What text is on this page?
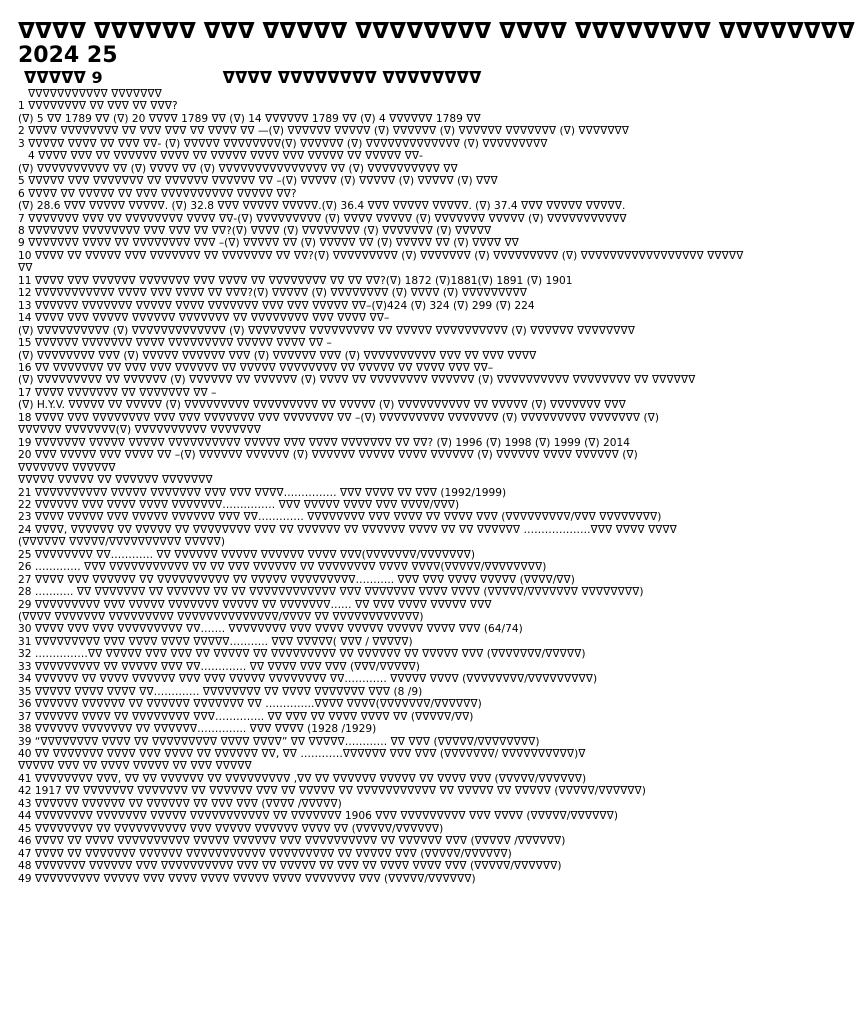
ᐁᐁᐁᐁ ᐁᐁᐁᐁᐁᐁ ᐁᐁᐁ ᐁᐁᐁᐁᐁ ᐁᐁᐁᐁᐁᐁᐁᐁ ᐁᐁᐁᐁ ᐁᐁᐁᐁᐁᐁᐁᐁ ᐁᐁᐁᐁᐁᐁᐁᐁ
2024 25
ᐁᐁᐁᐁᐁ 9	ᐁᐁᐁᐁ ᐁᐁᐁᐁᐁᐁᐁᐁ ᐁᐁᐁᐁᐁᐁᐁᐁ
ᐁᐁᐁᐁᐁᐁᐁᐁᐁᐁᐁ ᐁᐁᐁᐁᐁᐁᐁ
1 ᐁᐁᐁᐁᐁᐁᐁᐁ ᐁᐁ ᐁᐁᐁ ᐁᐁ ᐁᐁᐁ?
(ᐁ) 5 ᐁᐁ 1789 ᐁᐁ (ᐁ) 20 ᐁᐁᐁᐁ 1789 ᐁᐁ (ᐁ) 14 ᐁᐁᐁᐁᐁᐁ 1789 ᐁᐁ (ᐁ) 4 ᐁᐁᐁᐁᐁᐁ 1789 ᐁᐁ
2 ᐁᐁᐁᐁ ᐁᐁᐁᐁᐁᐁᐁᐁ ᐁᐁ ᐁᐁᐁ ᐁᐁᐁ ᐁᐁ ᐁᐁᐁᐁ ᐁᐁ —(ᐁ) ᐁᐁᐁᐁᐁᐁ ᐁᐁᐁᐁᐁ (ᐁ) ᐁᐁᐁᐁᐁᐁ (ᐁ) ᐁᐁᐁᐁᐁᐁ ᐁᐁᐁᐁᐁᐁᐁ (ᐁ) ᐁᐁᐁᐁᐁᐁᐁ
3 ᐁᐁᐁᐁᐁ ᐁᐁᐁᐁ ᐁᐁ ᐁᐁᐁ ᐁᐁ- (ᐁ) ᐁᐁᐁᐁᐁ ᐁᐁᐁᐁᐁᐁᐁᐁ(ᐁ) ᐁᐁᐁᐁᐁᐁ (ᐁ) ᐁᐁᐁᐁᐁᐁᐁᐁᐁᐁᐁᐁᐁ (ᐁ) ᐁᐁᐁᐁᐁᐁᐁᐁᐁ
4 ᐁᐁᐁᐁ ᐁᐁᐁ ᐁᐁ ᐁᐁᐁᐁᐁᐁ ᐁᐁᐁᐁ ᐁᐁ ᐁᐁᐁᐁᐁ ᐁᐁᐁᐁ ᐁᐁᐁ ᐁᐁᐁᐁᐁ ᐁᐁ ᐁᐁᐁᐁᐁ ᐁᐁ-
(ᐁ) ᐁᐁᐁᐁᐁᐁᐁᐁᐁᐁ ᐁᐁ (ᐁ) ᐁᐁᐁᐁ ᐁᐁ (ᐁ) ᐁᐁᐁᐁᐁᐁᐁᐁᐁᐁᐁᐁᐁᐁᐁ ᐁᐁ (ᐁ) ᐁᐁᐁᐁᐁᐁᐁᐁᐁᐁ ᐁᐁ
5 ᐁᐁᐁᐁᐁ ᐁᐁᐁ ᐁᐁᐁᐁᐁᐁᐁ ᐁᐁ ᐁᐁᐁᐁᐁᐁ ᐁᐁᐁᐁᐁᐁ ᐁᐁ –(ᐁ) ᐁᐁᐁᐁᐁ (ᐁ) ᐁᐁᐁᐁᐁ (ᐁ) ᐁᐁᐁᐁᐁ (ᐁ) ᐁᐁᐁ
6 ᐁᐁᐁᐁ ᐁᐁ ᐁᐁᐁᐁᐁ ᐁᐁ ᐁᐁᐁ ᐁᐁᐁᐁᐁᐁᐁᐁᐁᐁ ᐁᐁᐁᐁᐁ ᐁᐁ?
(ᐁ) 28.6 ᐁᐁᐁ ᐁᐁᐁᐁᐁ ᐁᐁᐁᐁᐁ. (ᐁ) 32.8 ᐁᐁᐁ ᐁᐁᐁᐁᐁ ᐁᐁᐁᐁᐁ.(ᐁ) 36.4 ᐁᐁᐁ ᐁᐁᐁᐁᐁ ᐁᐁᐁᐁᐁ. (ᐁ) 37.4 ᐁᐁᐁ ᐁᐁᐁᐁᐁ ᐁᐁᐁᐁᐁ.
7 ᐁᐁᐁᐁᐁᐁᐁ ᐁᐁᐁ ᐁᐁ ᐁᐁᐁᐁᐁᐁᐁᐁ ᐁᐁᐁᐁ ᐁᐁ-(ᐁ) ᐁᐁᐁᐁᐁᐁᐁᐁᐁ (ᐁ) ᐁᐁᐁᐁ ᐁᐁᐁᐁᐁ (ᐁ) ᐁᐁᐁᐁᐁᐁᐁ ᐁᐁᐁᐁᐁ (ᐁ) ᐁᐁᐁᐁᐁᐁᐁᐁᐁᐁᐁ
8 ᐁᐁᐁᐁᐁᐁᐁ ᐁᐁᐁᐁᐁᐁᐁᐁ ᐁᐁᐁ ᐁᐁᐁ ᐁᐁ ᐁᐁ?(ᐁ) ᐁᐁᐁᐁ (ᐁ) ᐁᐁᐁᐁᐁᐁᐁᐁ (ᐁ) ᐁᐁᐁᐁᐁᐁᐁ (ᐁ) ᐁᐁᐁᐁᐁ
9 ᐁᐁᐁᐁᐁᐁᐁ ᐁᐁᐁᐁ ᐁᐁ ᐁᐁᐁᐁᐁᐁᐁᐁ ᐁᐁᐁ –(ᐁ) ᐁᐁᐁᐁᐁ ᐁᐁ (ᐁ) ᐁᐁᐁᐁᐁ ᐁᐁ (ᐁ) ᐁᐁᐁᐁᐁ ᐁᐁ (ᐁ) ᐁᐁᐁᐁ ᐁᐁ
10 ᐁᐁᐁᐁ ᐁᐁ ᐁᐁᐁᐁᐁ ᐁᐁᐁ ᐁᐁᐁᐁᐁᐁᐁ ᐁᐁ ᐁᐁᐁᐁᐁᐁᐁ ᐁᐁ ᐁᐁ?(ᐁ) ᐁᐁᐁᐁᐁᐁᐁᐁᐁ (ᐁ) ᐁᐁᐁᐁᐁᐁᐁ (ᐁ) ᐁᐁᐁᐁᐁᐁᐁᐁᐁ (ᐁ) ᐁᐁᐁᐁᐁᐁᐁᐁᐁᐁᐁᐁᐁᐁᐁᐁᐁ ᐁᐁᐁᐁᐁ
ᐁᐁ
11 ᐁᐁᐁᐁ ᐁᐁᐁ ᐁᐁᐁᐁᐁᐁ ᐁᐁᐁᐁᐁᐁᐁ ᐁᐁᐁ ᐁᐁᐁᐁ ᐁᐁ ᐁᐁᐁᐁᐁᐁᐁᐁ ᐁᐁ ᐁᐁ ᐁᐁ?(ᐁ) 1872 (ᐁ)1881(ᐁ) 1891 (ᐁ) 1901
12 ᐁᐁᐁᐁᐁᐁᐁᐁᐁᐁᐁ ᐁᐁᐁᐁ ᐁᐁᐁ ᐁᐁᐁᐁ ᐁᐁ ᐁᐁᐁ?(ᐁ) ᐁᐁᐁᐁᐁ (ᐁ) ᐁᐁᐁᐁᐁᐁᐁᐁ (ᐁ) ᐁᐁᐁᐁ (ᐁ) ᐁᐁᐁᐁᐁᐁᐁᐁᐁ
13 ᐁᐁᐁᐁᐁᐁ ᐁᐁᐁᐁᐁᐁᐁ ᐁᐁᐁᐁᐁ ᐁᐁᐁᐁ ᐁᐁᐁᐁᐁᐁᐁ ᐁᐁᐁ ᐁᐁᐁ ᐁᐁᐁᐁᐁ ᐁᐁ–(ᐁ)424 (ᐁ) 324 (ᐁ) 299 (ᐁ) 224
14 ᐁᐁᐁᐁ ᐁᐁᐁ ᐁᐁᐁᐁᐁ ᐁᐁᐁᐁᐁᐁ ᐁᐁᐁᐁᐁᐁᐁ ᐁᐁ ᐁᐁᐁᐁᐁᐁᐁᐁ ᐁᐁᐁ ᐁᐁᐁᐁ ᐁᐁ–
(ᐁ) ᐁᐁᐁᐁᐁᐁᐁᐁᐁᐁ (ᐁ) ᐁᐁᐁᐁᐁᐁᐁᐁᐁᐁᐁᐁᐁ (ᐁ) ᐁᐁᐁᐁᐁᐁᐁᐁ ᐁᐁᐁᐁᐁᐁᐁᐁᐁ ᐁᐁ ᐁᐁᐁᐁᐁ ᐁᐁᐁᐁᐁᐁᐁᐁᐁᐁ (ᐁ) ᐁᐁᐁᐁᐁᐁ ᐁᐁᐁᐁᐁᐁᐁᐁ
15 ᐁᐁᐁᐁᐁᐁ ᐁᐁᐁᐁᐁᐁᐁ ᐁᐁᐁᐁ ᐁᐁᐁᐁᐁᐁᐁᐁᐁ ᐁᐁᐁᐁᐁ ᐁᐁᐁᐁ ᐁᐁ –
(ᐁ) ᐁᐁᐁᐁᐁᐁᐁᐁ ᐁᐁᐁ (ᐁ) ᐁᐁᐁᐁᐁ ᐁᐁᐁᐁᐁᐁ ᐁᐁᐁ (ᐁ) ᐁᐁᐁᐁᐁᐁ ᐁᐁᐁ (ᐁ) ᐁᐁᐁᐁᐁᐁᐁᐁᐁᐁ ᐁᐁᐁ ᐁᐁ ᐁᐁᐁ ᐁᐁᐁᐁ
16 ᐁᐁ ᐁᐁᐁᐁᐁᐁᐁ ᐁᐁ ᐁᐁᐁ ᐁᐁᐁ ᐁᐁᐁᐁᐁᐁ ᐁᐁ ᐁᐁᐁᐁᐁ ᐁᐁᐁᐁᐁᐁᐁᐁ ᐁᐁ ᐁᐁᐁᐁᐁ ᐁᐁ ᐁᐁᐁᐁ ᐁᐁᐁ ᐁᐁ–
(ᐁ) ᐁᐁᐁᐁᐁᐁᐁᐁᐁ ᐁᐁ ᐁᐁᐁᐁᐁᐁ (ᐁ) ᐁᐁᐁᐁᐁᐁ ᐁᐁ ᐁᐁᐁᐁᐁᐁ (ᐁ) ᐁᐁᐁᐁ ᐁᐁ ᐁᐁᐁᐁᐁᐁᐁᐁ ᐁᐁᐁᐁᐁᐁ (ᐁ) ᐁᐁᐁᐁᐁᐁᐁᐁᐁᐁ ᐁᐁᐁᐁᐁᐁᐁᐁ ᐁᐁ ᐁᐁᐁᐁᐁᐁ
17 ᐁᐁᐁᐁ ᐁᐁᐁᐁᐁᐁᐁ ᐁᐁ ᐁᐁᐁᐁᐁᐁᐁ ᐁᐁ –
(ᐁ) H.Y.V. ᐁᐁᐁᐁᐁ ᐁᐁ ᐁᐁᐁᐁᐁ (ᐁ) ᐁᐁᐁᐁᐁᐁᐁᐁᐁ ᐁᐁᐁᐁᐁᐁᐁᐁᐁ ᐁᐁ ᐁᐁᐁᐁᐁ (ᐁ) ᐁᐁᐁᐁᐁᐁᐁᐁᐁᐁ ᐁᐁ ᐁᐁᐁᐁᐁ (ᐁ) ᐁᐁᐁᐁᐁᐁᐁ ᐁᐁᐁ
18 ᐁᐁᐁᐁ ᐁᐁᐁ ᐁᐁᐁᐁᐁᐁᐁᐁ ᐁᐁᐁ ᐁᐁᐁ ᐁᐁᐁᐁᐁᐁᐁ ᐁᐁᐁ ᐁᐁᐁᐁᐁᐁᐁ ᐁᐁ –(ᐁ) ᐁᐁᐁᐁᐁᐁᐁᐁᐁ ᐁᐁᐁᐁᐁᐁᐁ (ᐁ) ᐁᐁᐁᐁᐁᐁᐁᐁᐁ ᐁᐁᐁᐁᐁᐁᐁ (ᐁ)
ᐁᐁᐁᐁᐁᐁ ᐁᐁᐁᐁᐁᐁᐁ(ᐁ) ᐁᐁᐁᐁᐁᐁᐁᐁᐁᐁ ᐁᐁᐁᐁᐁᐁᐁ
19 ᐁᐁᐁᐁᐁᐁᐁ ᐁᐁᐁᐁᐁ ᐁᐁᐁᐁᐁ ᐁᐁᐁᐁᐁᐁᐁᐁᐁᐁ ᐁᐁᐁᐁᐁ ᐁᐁᐁ ᐁᐁᐁᐁ ᐁᐁᐁᐁᐁᐁᐁ ᐁᐁ ᐁᐁ? (ᐁ) 1996 (ᐁ) 1998 (ᐁ) 1999 (ᐁ) 2014
20 ᐁᐁᐁ ᐁᐁᐁᐁᐁ ᐁᐁᐁ ᐁᐁᐁᐁ ᐁᐁ –(ᐁ) ᐁᐁᐁᐁᐁᐁ ᐁᐁᐁᐁᐁᐁ (ᐁ) ᐁᐁᐁᐁᐁᐁ ᐁᐁᐁᐁᐁ ᐁᐁᐁᐁ ᐁᐁᐁᐁᐁᐁ (ᐁ) ᐁᐁᐁᐁᐁᐁ ᐁᐁᐁᐁ ᐁᐁᐁᐁᐁᐁ (ᐁ)
ᐁᐁᐁᐁᐁᐁᐁ ᐁᐁᐁᐁᐁᐁ
ᐁᐁᐁᐁᐁ ᐁᐁᐁᐁᐁ ᐁᐁ ᐁᐁᐁᐁᐁᐁ ᐁᐁᐁᐁᐁᐁᐁ
21 ᐁᐁᐁᐁᐁᐁᐁᐁᐁᐁ ᐁᐁᐁᐁᐁ ᐁᐁᐁᐁᐁᐁᐁ ᐁᐁᐁ ᐁᐁᐁ ᐁᐁᐁᐁ…………… ᐁᐁᐁ ᐁᐁᐁᐁ ᐁᐁ ᐁᐁᐁ (1992/1999)
22 ᐁᐁᐁᐁᐁᐁ ᐁᐁᐁ ᐁᐁᐁᐁ ᐁᐁᐁᐁ ᐁᐁᐁᐁᐁᐁᐁ…………… ᐁᐁᐁ ᐁᐁᐁᐁᐁ ᐁᐁᐁᐁ ᐁᐁᐁ ᐁᐁᐁᐁ/ᐁᐁᐁ)
23 ᐁᐁᐁᐁ ᐁᐁᐁᐁᐁ ᐁᐁᐁ ᐁᐁᐁᐁᐁ ᐁᐁᐁᐁᐁᐁ ᐁᐁᐁ ᐁᐁ…………. ᐁᐁᐁᐁᐁᐁᐁᐁ ᐁᐁᐁ ᐁᐁᐁᐁ ᐁᐁ ᐁᐁᐁᐁ ᐁᐁᐁ (ᐁᐁᐁᐁᐁᐁᐁᐁᐁ/ᐁᐁᐁ ᐁᐁᐁᐁᐁᐁᐁᐁ)
24 ᐁᐁᐁᐁ, ᐁᐁᐁᐁᐁᐁ ᐁᐁ ᐁᐁᐁᐁᐁ ᐁᐁ ᐁᐁᐁᐁᐁᐁᐁᐁ ᐁᐁᐁ ᐁᐁ ᐁᐁᐁᐁᐁᐁ ᐁᐁ ᐁᐁᐁᐁᐁᐁ ᐁᐁᐁᐁ ᐁᐁ ᐁᐁ ᐁᐁᐁᐁᐁᐁ ……………….ᐁᐁᐁ ᐁᐁᐁᐁ ᐁᐁᐁᐁ
(ᐁᐁᐁᐁᐁᐁ ᐁᐁᐁᐁᐁ/ᐁᐁᐁᐁᐁᐁᐁᐁᐁᐁ ᐁᐁᐁᐁᐁ)
25 ᐁᐁᐁᐁᐁᐁᐁᐁ ᐁᐁ………… ᐁᐁ ᐁᐁᐁᐁᐁᐁ ᐁᐁᐁᐁᐁ ᐁᐁᐁᐁᐁᐁ ᐁᐁᐁᐁ ᐁᐁᐁ(ᐁᐁᐁᐁᐁᐁᐁ/ᐁᐁᐁᐁᐁᐁᐁ)
26 …………. ᐁᐁᐁ ᐁᐁᐁᐁᐁᐁᐁᐁᐁᐁᐁ ᐁᐁ ᐁᐁ ᐁᐁᐁ ᐁᐁᐁᐁᐁᐁ ᐁᐁ ᐁᐁᐁᐁᐁᐁᐁᐁ ᐁᐁᐁᐁ ᐁᐁᐁᐁ(ᐁᐁᐁᐁᐁ/ᐁᐁᐁᐁᐁᐁᐁᐁ)
27 ᐁᐁᐁᐁ ᐁᐁᐁ ᐁᐁᐁᐁᐁᐁ ᐁᐁ ᐁᐁᐁᐁᐁᐁᐁᐁᐁᐁ ᐁᐁ ᐁᐁᐁᐁᐁ ᐁᐁᐁᐁᐁᐁᐁᐁᐁ……….. ᐁᐁᐁ ᐁᐁᐁ ᐁᐁᐁᐁ ᐁᐁᐁᐁᐁ (ᐁᐁᐁᐁ/ᐁᐁ)
28 ……….. ᐁᐁ ᐁᐁᐁᐁᐁᐁᐁ ᐁᐁ ᐁᐁᐁᐁᐁᐁ ᐁᐁ ᐁᐁ ᐁᐁᐁᐁᐁᐁᐁᐁᐁᐁᐁᐁ ᐁᐁᐁ ᐁᐁᐁᐁᐁᐁᐁ ᐁᐁᐁᐁ ᐁᐁᐁᐁ (ᐁᐁᐁᐁᐁ/ᐁᐁᐁᐁᐁᐁᐁ ᐁᐁᐁᐁᐁᐁᐁᐁ)
29 ᐁᐁᐁᐁᐁᐁᐁᐁᐁ ᐁᐁᐁ ᐁᐁᐁᐁᐁ ᐁᐁᐁᐁᐁᐁᐁ ᐁᐁᐁᐁᐁ ᐁᐁ ᐁᐁᐁᐁᐁᐁᐁ…… ᐁᐁ ᐁᐁᐁ ᐁᐁᐁᐁ ᐁᐁᐁᐁᐁ ᐁᐁᐁ
(ᐁᐁᐁᐁ ᐁᐁᐁᐁᐁᐁᐁ ᐁᐁᐁᐁᐁᐁᐁᐁᐁ ᐁᐁᐁᐁᐁᐁᐁᐁᐁᐁᐁᐁᐁᐁ/ᐁᐁᐁᐁ ᐁᐁ ᐁᐁᐁᐁᐁᐁᐁᐁᐁᐁᐁᐁ)
30 ᐁᐁᐁᐁ ᐁᐁᐁ ᐁᐁᐁ ᐁᐁᐁᐁᐁᐁᐁᐁᐁ ᐁᐁ……. ᐁᐁᐁᐁᐁᐁᐁᐁ ᐁᐁᐁ ᐁᐁᐁᐁ ᐁᐁᐁᐁᐁ ᐁᐁᐁᐁᐁ ᐁᐁᐁᐁ ᐁᐁᐁ (64/74)
31 ᐁᐁᐁᐁᐁᐁᐁᐁᐁ ᐁᐁᐁ ᐁᐁᐁᐁ ᐁᐁᐁᐁ ᐁᐁᐁᐁᐁ……….. ᐁᐁᐁ ᐁᐁᐁᐁᐁ( ᐁᐁᐁ / ᐁᐁᐁᐁᐁ)
32 ……………ᐁᐁ ᐁᐁᐁᐁᐁ ᐁᐁᐁ ᐁᐁᐁ ᐁᐁ ᐁᐁᐁᐁᐁ ᐁᐁ ᐁᐁᐁᐁᐁᐁᐁᐁᐁ ᐁᐁ ᐁᐁᐁᐁᐁᐁ ᐁᐁ ᐁᐁᐁᐁᐁ ᐁᐁᐁ (ᐁᐁᐁᐁᐁᐁᐁ/ᐁᐁᐁᐁᐁ)
33 ᐁᐁᐁᐁᐁᐁᐁᐁᐁ ᐁᐁ ᐁᐁᐁᐁᐁ ᐁᐁᐁ ᐁᐁ…………. ᐁᐁ ᐁᐁᐁᐁ ᐁᐁᐁ ᐁᐁᐁ (ᐁᐁᐁ/ᐁᐁᐁᐁᐁ)
34 ᐁᐁᐁᐁᐁᐁ ᐁᐁ ᐁᐁᐁᐁ ᐁᐁᐁᐁᐁᐁ ᐁᐁᐁ ᐁᐁᐁ ᐁᐁᐁᐁᐁ ᐁᐁᐁᐁᐁᐁᐁᐁ ᐁᐁ………… ᐁᐁᐁᐁᐁ ᐁᐁᐁᐁ (ᐁᐁᐁᐁᐁᐁᐁᐁ/ᐁᐁᐁᐁᐁᐁᐁᐁᐁ)
35 ᐁᐁᐁᐁᐁ ᐁᐁᐁᐁ ᐁᐁᐁᐁ ᐁᐁ…………. ᐁᐁᐁᐁᐁᐁᐁᐁ ᐁᐁ ᐁᐁᐁᐁ ᐁᐁᐁᐁᐁᐁᐁ ᐁᐁᐁ (8 /9)
36 ᐁᐁᐁᐁᐁᐁ ᐁᐁᐁᐁᐁᐁ ᐁᐁ ᐁᐁᐁᐁᐁᐁ ᐁᐁᐁᐁᐁᐁᐁ ᐁᐁ …………..ᐁᐁᐁᐁ ᐁᐁᐁᐁ(ᐁᐁᐁᐁᐁᐁᐁ/ᐁᐁᐁᐁᐁᐁ)
37 ᐁᐁᐁᐁᐁᐁ ᐁᐁᐁᐁ ᐁᐁ ᐁᐁᐁᐁᐁᐁᐁᐁ ᐁᐁᐁ………….. ᐁᐁ ᐁᐁᐁ ᐁᐁ ᐁᐁᐁᐁ ᐁᐁᐁᐁ ᐁᐁ (ᐁᐁᐁᐁᐁ/ᐁᐁ)
38 ᐁᐁᐁᐁᐁᐁ ᐁᐁᐁᐁᐁᐁᐁ ᐁᐁ ᐁᐁᐁᐁᐁᐁ………….. ᐁᐁᐁ ᐁᐁᐁᐁ (1928 /1929)
39 “ᐁᐁᐁᐁᐁᐁᐁᐁ ᐁᐁᐁᐁ ᐁᐁ ᐁᐁᐁᐁᐁᐁᐁᐁᐁ ᐁᐁᐁᐁ ᐁᐁᐁᐁ” ᐁᐁ ᐁᐁᐁᐁᐁ………… ᐁᐁ ᐁᐁᐁ (ᐁᐁᐁᐁᐁ/ᐁᐁᐁᐁᐁᐁᐁᐁ)
40 ᐁᐁ ᐁᐁᐁᐁᐁᐁᐁ ᐁᐁᐁᐁ ᐁᐁᐁ ᐁᐁᐁᐁ ᐁᐁ ᐁᐁᐁᐁᐁᐁ ᐁᐁ, ᐁᐁ …………ᐁᐁᐁᐁᐁᐁ ᐁᐁᐁ ᐁᐁᐁ (ᐁᐁᐁᐁᐁᐁᐁ/ ᐁᐁᐁᐁᐁᐁᐁᐁᐁᐁ)ᐁ
ᐁᐁᐁᐁᐁ ᐁᐁᐁ ᐁᐁ ᐁᐁᐁᐁ ᐁᐁᐁᐁᐁ ᐁᐁ ᐁᐁᐁ ᐁᐁᐁᐁᐁ
41 ᐁᐁᐁᐁᐁᐁᐁᐁ ᐁᐁᐁ, ᐁᐁ ᐁᐁ ᐁᐁᐁᐁᐁᐁ ᐁᐁ ᐁᐁᐁᐁᐁᐁᐁᐁᐁ ,ᐁᐁ ᐁᐁ ᐁᐁᐁᐁᐁᐁ ᐁᐁᐁᐁᐁ ᐁᐁ ᐁᐁᐁᐁ ᐁᐁᐁ (ᐁᐁᐁᐁᐁ/ᐁᐁᐁᐁᐁᐁ)
42 1917 ᐁᐁ ᐁᐁᐁᐁᐁᐁᐁ ᐁᐁᐁᐁᐁᐁᐁ ᐁᐁ ᐁᐁᐁᐁᐁᐁ ᐁᐁᐁ ᐁᐁ ᐁᐁᐁᐁᐁ ᐁᐁ ᐁᐁᐁᐁᐁᐁᐁᐁᐁᐁᐁ ᐁᐁ ᐁᐁᐁᐁᐁ ᐁᐁ ᐁᐁᐁᐁᐁ (ᐁᐁᐁᐁᐁ/ᐁᐁᐁᐁᐁᐁ)
43 ᐁᐁᐁᐁᐁᐁ ᐁᐁᐁᐁᐁᐁ ᐁᐁ ᐁᐁᐁᐁᐁᐁ ᐁᐁ ᐁᐁᐁ ᐁᐁᐁ (ᐁᐁᐁᐁ /ᐁᐁᐁᐁᐁ)
44 ᐁᐁᐁᐁᐁᐁᐁᐁ ᐁᐁᐁᐁᐁᐁᐁ ᐁᐁᐁᐁᐁ ᐁᐁᐁᐁᐁᐁᐁᐁᐁᐁᐁ ᐁᐁ ᐁᐁᐁᐁᐁᐁᐁ 1906 ᐁᐁᐁ ᐁᐁᐁᐁᐁᐁᐁᐁᐁ ᐁᐁᐁ ᐁᐁᐁᐁ (ᐁᐁᐁᐁᐁ/ᐁᐁᐁᐁᐁᐁ)
45 ᐁᐁᐁᐁᐁᐁᐁᐁ ᐁᐁ ᐁᐁᐁᐁᐁᐁᐁᐁᐁᐁ ᐁᐁᐁ ᐁᐁᐁᐁᐁ ᐁᐁᐁᐁᐁᐁ ᐁᐁᐁᐁ ᐁᐁ (ᐁᐁᐁᐁᐁ/ᐁᐁᐁᐁᐁᐁ)
46 ᐁᐁᐁᐁ ᐁᐁ ᐁᐁᐁᐁ ᐁᐁᐁᐁᐁᐁᐁᐁᐁᐁ ᐁᐁᐁᐁᐁ ᐁᐁᐁᐁᐁᐁ ᐁᐁᐁ ᐁᐁᐁᐁᐁᐁᐁᐁᐁᐁ ᐁᐁ ᐁᐁᐁᐁᐁᐁ ᐁᐁᐁ (ᐁᐁᐁᐁᐁ /ᐁᐁᐁᐁᐁᐁ)
47 ᐁᐁᐁᐁ ᐁᐁ ᐁᐁᐁᐁᐁᐁᐁ ᐁᐁᐁᐁᐁᐁ ᐁᐁᐁᐁᐁᐁᐁᐁᐁᐁᐁ ᐁᐁᐁᐁᐁᐁᐁᐁᐁ ᐁᐁ ᐁᐁᐁᐁᐁ ᐁᐁᐁ (ᐁᐁᐁᐁᐁ/ᐁᐁᐁᐁᐁᐁ)
48 ᐁᐁᐁᐁᐁᐁᐁ ᐁᐁᐁᐁᐁᐁ ᐁᐁᐁ ᐁᐁᐁᐁᐁᐁᐁᐁᐁᐁ ᐁᐁᐁ ᐁᐁ ᐁᐁᐁᐁᐁ ᐁᐁ ᐁᐁᐁ ᐁᐁ ᐁᐁᐁᐁ ᐁᐁᐁᐁ ᐁᐁᐁ (ᐁᐁᐁᐁᐁ/ᐁᐁᐁᐁᐁᐁ)
49 ᐁᐁᐁᐁᐁᐁᐁᐁᐁ ᐁᐁᐁᐁᐁ ᐁᐁᐁ ᐁᐁᐁᐁ ᐁᐁᐁᐁ ᐁᐁᐁᐁᐁ ᐁᐁᐁᐁ ᐁᐁᐁᐁᐁᐁᐁ ᐁᐁᐁ (ᐁᐁᐁᐁᐁ/ᐁᐁᐁᐁᐁᐁ)
